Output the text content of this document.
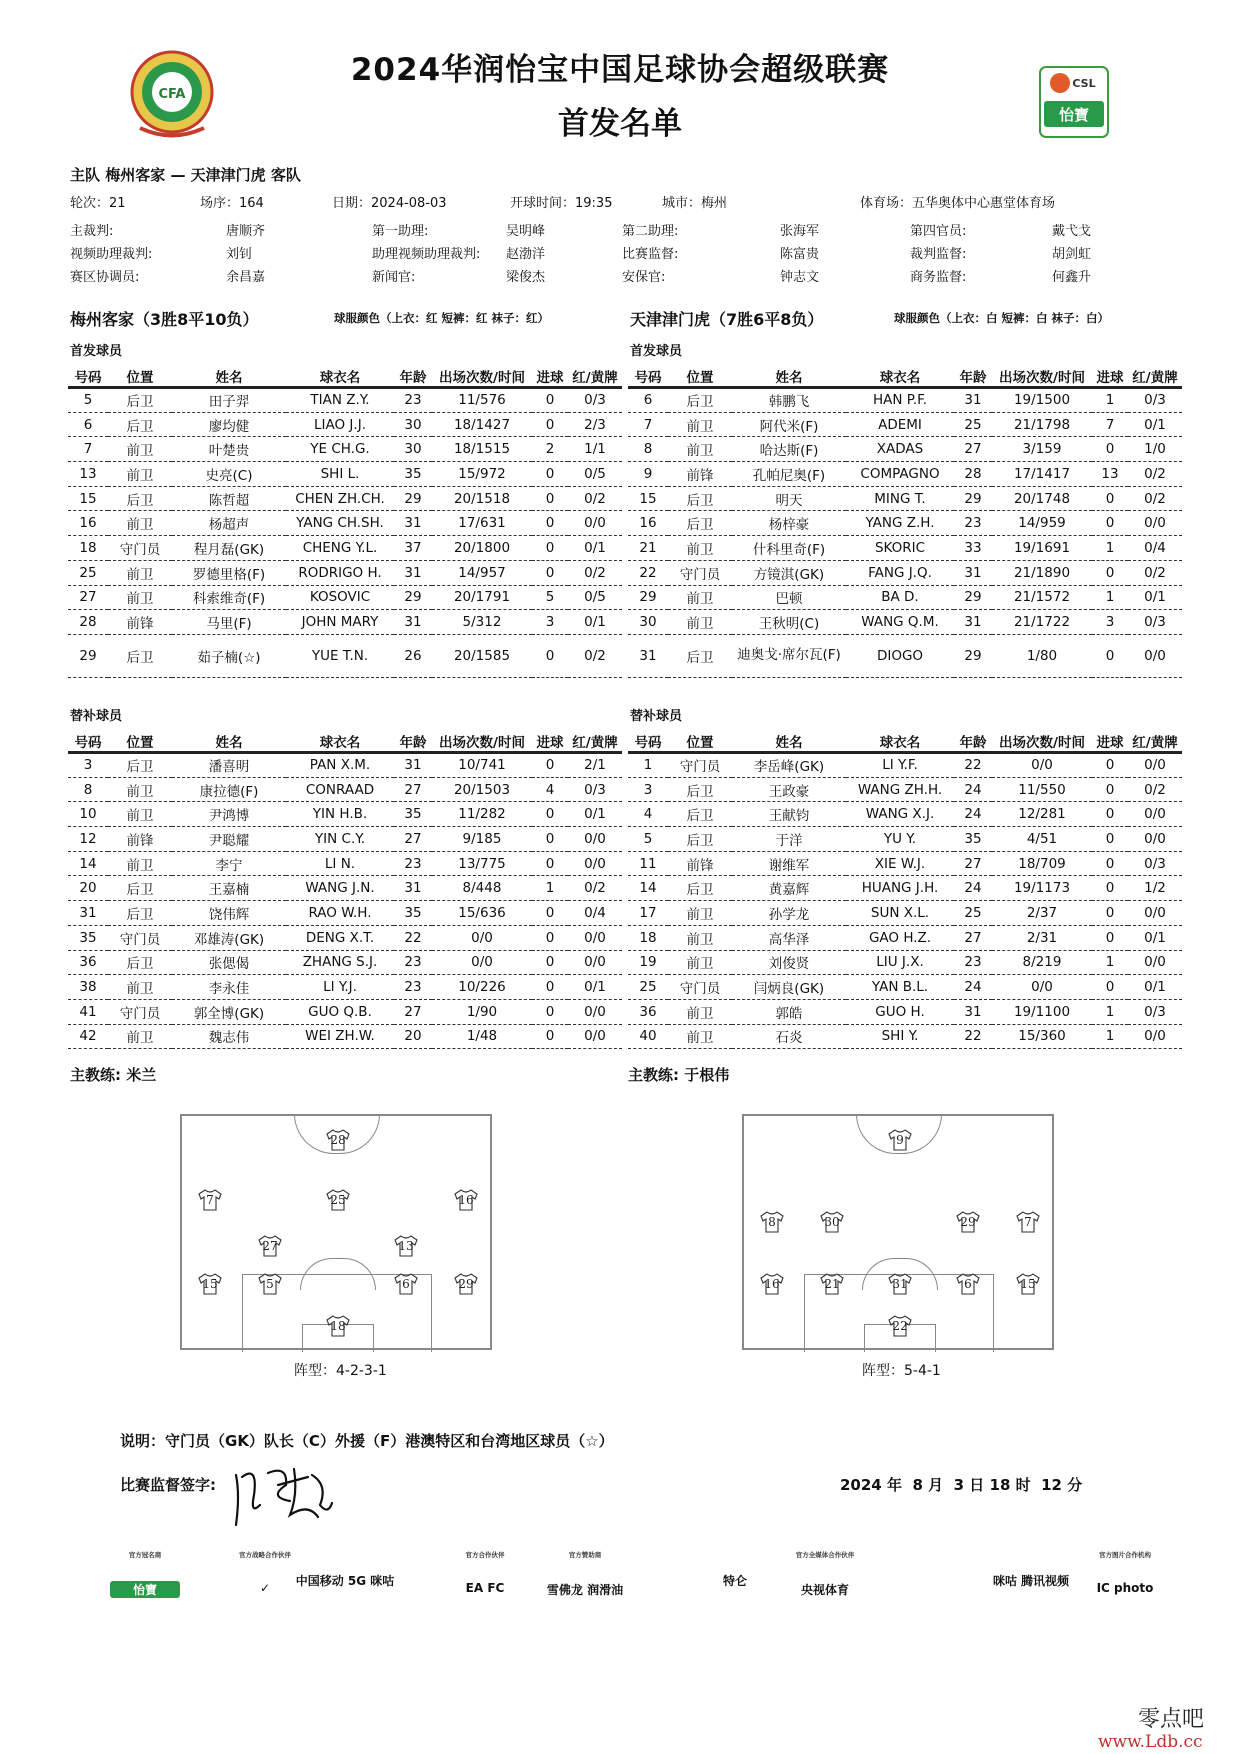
CFA
2024华润怡宝中国足球协会超级联赛
首发名单
CSL
怡寶
主队 梅州客家 — 天津津门虎 客队
轮次：21	场序：164	日期：2024-08-03	开球时间：19:35	城市：梅州	体育场：五华奥体中心惠堂体育场
主裁判:	唐顺齐	第一助理:	吴明峰	第二助理:	张海军	第四官员:	戴弋戈
视频助理裁判:	刘钊	助理视频助理裁判: 赵渤洋	比赛监督:	陈富贵	裁判监督:	胡剑虹
赛区协调员:	余昌嘉	新闻官:	梁俊杰	安保官:	钟志文	商务监督:	何鑫升
梅州客家（3胜8平10负）	球服颜色（上衣：红 短裤：红 袜子：红）	天津津门虎（7胜6平8负）	球服颜色（上衣：白 短裤：白 袜子：白）
首发球员	首发球员
号码	位置	姓名	球衣名	年龄	出场次数/时间	进球	红/黄牌
5	后卫	田子羿	TIAN Z.Y.	23	11/576	0	0/3
6	后卫	廖均健	LIAO J.J.	30	18/1427	0	2/3
7	前卫	叶楚贵	YE CH.G.	30	18/1515	2	1/1
13	前卫	史亮(C)	SHI L.	35	15/972	0	0/5
15	后卫	陈哲超	CHEN ZH.CH.	29	20/1518	0	0/2
16	前卫	杨超声	YANG CH.SH.	31	17/631	0	0/0
18	守门员	程月磊(GK)	CHENG Y.L.	37	20/1800	0	0/1
25	前卫	罗德里格(F)	RODRIGO H.	31	14/957	0	0/2
27	前卫	科索维奇(F)	KOSOVIC	29	20/1791	5	0/5
28	前锋	马里(F)	JOHN MARY	31	5/312	3	0/1
29	后卫	茹子楠(☆)	YUE T.N.	26	20/1585	0	0/2
号码	位置	姓名	球衣名	年龄	出场次数/时间	进球	红/黄牌
6	后卫	韩鹏飞	HAN P.F.	31	19/1500	1	0/3
7	前卫	阿代米(F)	ADEMI	25	21/1798	7	0/1
8	前卫	哈达斯(F)	XADAS	27	3/159	0	1/0
9	前锋	孔帕尼奥(F)	COMPAGNO	28	17/1417	13	0/2
15	后卫	明天	MING T.	29	20/1748	0	0/2
16	后卫	杨梓豪	YANG Z.H.	23	14/959	0	0/0
21	前卫	什科里奇(F)	SKORIC	33	19/1691	1	0/4
22	守门员	方镜淇(GK)	FANG J.Q.	31	21/1890	0	0/2
29	前卫	巴顿	BA D.	29	21/1572	1	0/1
30	前卫	王秋明(C)	WANG Q.M.	31	21/1722	3	0/3
31	后卫	迪奥戈·席尔瓦(F)	DIOGO	29	1/80	0	0/0
替补球员	替补球员
号码	位置	姓名	球衣名	年龄	出场次数/时间	进球	红/黄牌
3	后卫	潘喜明	PAN X.M.	31	10/741	0	2/1
8	前卫	康拉德(F)	CONRAAD	27	20/1503	4	0/3
10	前卫	尹鸿博	YIN H.B.	35	11/282	0	0/1
12	前锋	尹聪耀	YIN C.Y.	27	9/185	0	0/0
14	前卫	李宁	LI N.	23	13/775	0	0/0
20	后卫	王嘉楠	WANG J.N.	31	8/448	1	0/2
31	后卫	饶伟辉	RAO W.H.	35	15/636	0	0/4
35	守门员	邓雄涛(GK)	DENG X.T.	22	0/0	0	0/0
36	后卫	张偲偈	ZHANG S.J.	23	0/0	0	0/0
38	前卫	李永佳	LI Y.J.	23	10/226	0	0/1
41	守门员	郭全博(GK)	GUO Q.B.	27	1/90	0	0/0
42	前卫	魏志伟	WEI ZH.W.	20	1/48	0	0/0
号码	位置	姓名	球衣名	年龄	出场次数/时间	进球	红/黄牌
1	守门员	李岳峰(GK)	LI Y.F.	22	0/0	0	0/0
3	后卫	王政豪	WANG ZH.H.	24	11/550	0	0/2
4	后卫	王献钧	WANG X.J.	24	12/281	0	0/0
5	后卫	于洋	YU Y.	35	4/51	0	0/0
11	前锋	谢维军	XIE W.J.	27	18/709	0	0/3
14	后卫	黄嘉辉	HUANG J.H.	24	19/1173	0	1/2
17	前卫	孙学龙	SUN X.L.	25	2/37	0	0/0
18	前卫	高华泽	GAO H.Z.	27	2/31	0	0/1
19	前卫	刘俊贤	LIU J.X.	23	8/219	1	0/0
25	守门员	闫炳良(GK)	YAN B.L.	24	0/0	0	0/1
36	前卫	郭皓	GUO H.	31	19/1100	1	0/3
40	前卫	石炎	SHI Y.	22	15/360	1	0/0
主教练: 米兰	主教练: 于根伟
28
7	25	16
27	13
15	5	6	29
18
阵型：4-2-3-1
9
8	30	29	7
16	21	31	6	15
22
阵型：5-4-1
说明：守门员（GK）队长（C）外援（F）港澳特区和台湾地区球员（☆）
比赛监督签字:	2024 年 8 月 3 日 18 时 12 分
官方冠名商
怡寶
官方战略合作伙伴
✓	中国移动 5G 咪咕
官方合作伙伴
EA FC
官方赞助商
雪佛龙 润滑油
特仑
官方全媒体合作伙伴
央视体育
咪咕 腾讯视频
官方图片合作机构
IC photo
零点吧
www.Ldb.cc
